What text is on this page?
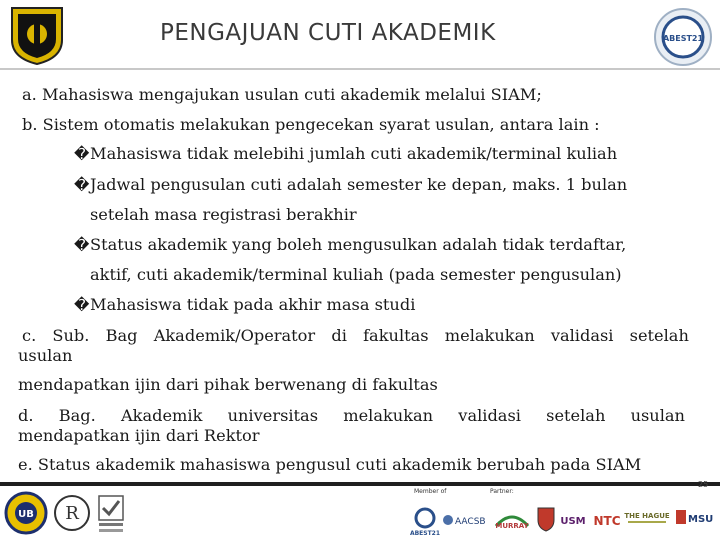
PENGAJUAN CUTI AKADEMIK	ABEST21
a. Mahasiswa mengajukan usulan cuti akademik melalui SIAM;
b. Sistem otomatis melakukan pengecekan syarat usulan, antara lain :
�Mahasiswa tidak melebihi jumlah cuti akademik/terminal kuliah
�Jadwal pengusulan cuti adalah semester ke depan, maks. 1 bulan
setelah masa registrasi berakhir
�Status akademik yang boleh mengusulkan adalah tidak terdaftar,
aktif, cuti akademik/terminal kuliah (pada semester pengusulan)
�Mahasiswa tidak pada akhir masa studi
c. Sub. Bag Akademik/Operator di fakultas melakukan validasi setelah
usulan
mendapatkan ijin dari pihak berwenang di fakultas
d. Bag. Akademik universitas melakukan validasi setelah usulan
mendapatkan ijin dari Rektor
e. Status akademik mahasiswa pengusul cuti akademik berubah pada SIAM
UB R
Member of	Partner:
25
ABEST21
AACSB MURRAY	USM NTC THE HAGUE MSU
